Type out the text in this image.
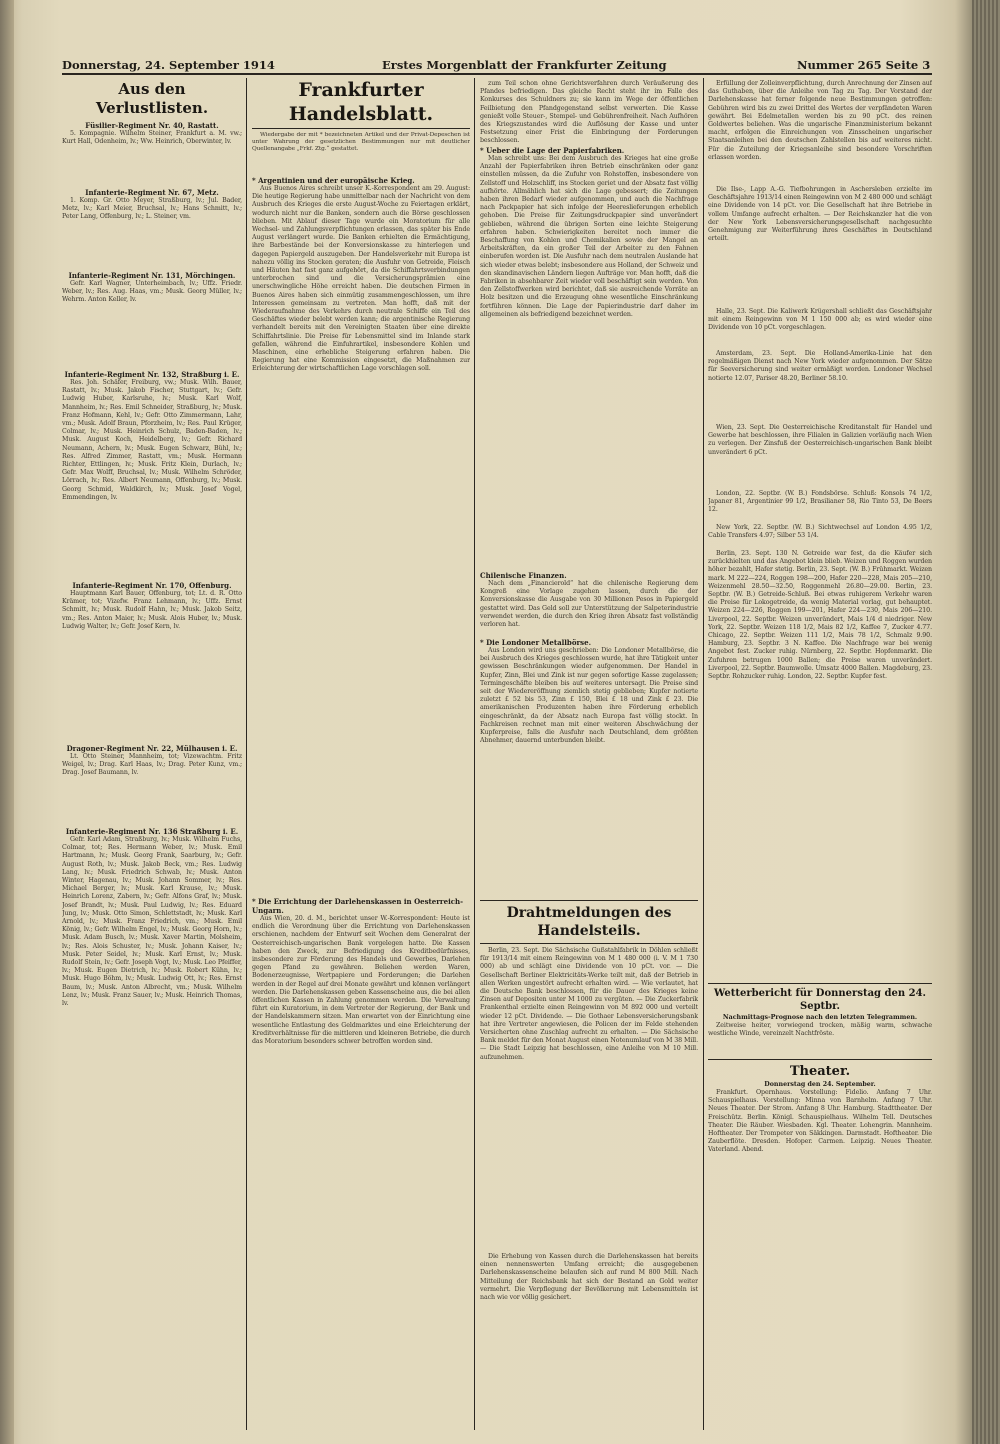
Donnerstag, 24. September 1914	Erstes Morgenblatt der Frankfurter Zeitung	Nummer 265 Seite 3
Aus den Verlustlisten.
Füsilier-Regiment Nr. 40, Rastatt.

5. Kompagnie. Wilhelm Steiner, Frankfurt a. M. vw.; Kurt Hall, Odenheim, lv.; Ww. Heinrich, Oberwinter, lv.

Infanterie-Regiment Nr. 67, Metz.

1. Komp. Gr. Otto Meyer, Straßburg, lv.; Jul. Bader, Metz, lv.; Karl Meier, Bruchsal, lv.; Hans Schmitt, lv.; Peter Lang, Offenburg, lv.; L. Steiner, vm.

Infanterie-Regiment Nr. 131, Mörchingen.

Gefr. Karl Wagner, Unterheimbach, lv.; Uffz. Friedr. Weber, lv.; Res. Aug. Haas, vm.; Musk. Georg Müller, lv.; Wehrm. Anton Keller, lv.

Infanterie-Regiment Nr. 132, Straßburg i. E.

Res. Joh. Schäfer, Freiburg, vw.; Musk. Wilh. Bauer, Rastatt, lv.; Musk. Jakob Fischer, Stuttgart, lv.; Gefr. Ludwig Huber, Karlsruhe, lv.; Musk. Karl Wolf, Mannheim, lv.; Res. Emil Schneider, Straßburg, lv.; Musk. Franz Hofmann, Kehl, lv.; Gefr. Otto Zimmermann, Lahr, vm.; Musk. Adolf Braun, Pforzheim, lv.; Res. Paul Krüger, Colmar, lv.; Musk. Heinrich Schulz, Baden-Baden, lv.; Musk. August Koch, Heidelberg, lv.; Gefr. Richard Neumann, Achern, lv.; Musk. Eugen Schwarz, Bühl, lv.; Res. Alfred Zimmer, Rastatt, vm.; Musk. Hermann Richter, Ettlingen, lv.; Musk. Fritz Klein, Durlach, lv.; Gefr. Max Wolff, Bruchsal, lv.; Musk. Wilhelm Schröder, Lörrach, lv.; Res. Albert Neumann, Offenburg, lv.; Musk. Georg Schmid, Waldkirch, lv.; Musk. Josef Vogel, Emmendingen, lv.

Infanterie-Regiment Nr. 170, Offenburg.

Hauptmann Karl Bauer, Offenburg, tot; Lt. d. R. Otto Krämer, tot; Vizefw. Franz Lehmann, lv.; Uffz. Ernst Schmitt, lv.; Musk. Rudolf Hahn, lv.; Musk. Jakob Seitz, vm.; Res. Anton Maier, lv.; Musk. Alois Huber, lv.; Musk. Ludwig Walter, lv.; Gefr. Josef Kern, lv.

Dragoner-Regiment Nr. 22, Mülhausen i. E.

Lt. Otto Steiner, Mannheim, tot; Vizewachtm. Fritz Weigel, lv.; Drag. Karl Haas, lv.; Drag. Peter Kunz, vm.; Drag. Josef Baumann, lv.

Infanterie-Regiment Nr. 136 Straßburg i. E.

Gefr. Karl Adam, Straßburg, lv.; Musk. Wilhelm Fuchs, Colmar, tot; Res. Hermann Weber, lv.; Musk. Emil Hartmann, lv.; Musk. Georg Frank, Saarburg, lv.; Gefr. August Roth, lv.; Musk. Jakob Beck, vm.; Res. Ludwig Lang, lv.; Musk. Friedrich Schwab, lv.; Musk. Anton Winter, Hagenau, lv.; Musk. Johann Sommer, lv.; Res. Michael Berger, lv.; Musk. Karl Krause, lv.; Musk. Heinrich Lorenz, Zabern, lv.; Gefr. Alfons Graf, lv.; Musk. Josef Brandt, lv.; Musk. Paul Ludwig, lv.; Res. Eduard Jung, lv.; Musk. Otto Simon, Schlettstadt, lv.; Musk. Karl Arnold, lv.; Musk. Franz Friedrich, vm.; Musk. Emil König, lv.; Gefr. Wilhelm Engel, lv.; Musk. Georg Horn, lv.; Musk. Adam Busch, lv.; Musk. Xaver Martin, Molsheim, lv.; Res. Alois Schuster, lv.; Musk. Johann Kaiser, lv.; Musk. Peter Seidel, lv.; Musk. Karl Ernst, lv.; Musk. Rudolf Stein, lv.; Gefr. Joseph Vogt, lv.; Musk. Leo Pfeiffer, lv.; Musk. Eugen Dietrich, lv.; Musk. Robert Kühn, lv.; Musk. Hugo Böhm, lv.; Musk. Ludwig Ott, lv.; Res. Ernst Baum, lv.; Musk. Anton Albrecht, vm.; Musk. Wilhelm Lenz, lv.; Musk. Franz Sauer, lv.; Musk. Heinrich Thomas, lv.

Frankfurter Handelsblatt.

Wiedergabe der mit * bezeichneten Artikel und der Privat-Depeschen ist unter Wahrung der gesetzlichen Bestimmungen nur mit deutlicher Quellenangabe „Frkf. Ztg.“ gestattet.

* Argentinien und der europäische Krieg.

Aus Buenos Aires schreibt unser K.-Korrespondent am 29. August: Die heutige Regierung habe unmittelbar nach der Nachricht von dem Ausbruch des Krieges die erste August-Woche zu Feiertagen erklärt, wodurch nicht nur die Banken, sondern auch die Börse geschlossen blieben. Mit Ablauf dieser Tage wurde ein Moratorium für alle Wechsel- und Zahlungsverpflichtungen erlassen, das später bis Ende August verlängert wurde. Die Banken erhielten die Ermächtigung, ihre Barbestände bei der Konversionskasse zu hinterlegen und dagegen Papiergeld auszugeben. Der Handelsverkehr mit Europa ist nahezu völlig ins Stocken geraten; die Ausfuhr von Getreide, Fleisch und Häuten hat fast ganz aufgehört, da die Schiffahrtsverbindungen unterbrochen sind und die Versicherungsprämien eine unerschwingliche Höhe erreicht haben. Die deutschen Firmen in Buenos Aires haben sich einmütig zusammengeschlossen, um ihre Interessen gemeinsam zu vertreten. Man hofft, daß mit der Wiederaufnahme des Verkehrs durch neutrale Schiffe ein Teil des Geschäftes wieder belebt werden kann; die argentinische Regierung verhandelt bereits mit den Vereinigten Staaten über eine direkte Schiffahrtslinie. Die Preise für Lebensmittel sind im Inlande stark gefallen, während die Einfuhrartikel, insbesondere Kohlen und Maschinen, eine erhebliche Steigerung erfahren haben. Die Regierung hat eine Kommission eingesetzt, die Maßnahmen zur Erleichterung der wirtschaftlichen Lage vorschlagen soll.

* Die Errichtung der Darlehenskassen in Oesterreich-Ungarn.

Aus Wien, 20. d. M., berichtet unser W.-Korrespondent: Heute ist endlich die Verordnung über die Errichtung von Darlehenskassen erschienen, nachdem der Entwurf seit Wochen dem Generalrat der Oesterreichisch-ungarischen Bank vorgelegen hatte. Die Kassen haben den Zweck, zur Befriedigung des Kreditbedürfnisses, insbesondere zur Förderung des Handels und Gewerbes, Darlehen gegen Pfand zu gewähren. Beliehen werden Waren, Bodenerzeugnisse, Wertpapiere und Forderungen; die Darlehen werden in der Regel auf drei Monate gewährt und können verlängert werden. Die Darlehenskassen geben Kassenscheine aus, die bei allen öffentlichen Kassen in Zahlung genommen werden. Die Verwaltung führt ein Kuratorium, in dem Vertreter der Regierung, der Bank und der Handelskammern sitzen. Man erwartet von der Einrichtung eine wesentliche Entlastung des Geldmarktes und eine Erleichterung der Kreditverhältnisse für die mittleren und kleineren Betriebe, die durch das Moratorium besonders schwer betroffen worden sind.

zum Teil schon ohne Gerichtsverfahren durch Veräußerung des Pfandes befriedigen. Das gleiche Recht steht ihr im Falle des Konkurses des Schuldners zu; sie kann im Wege der öffentlichen Feilbietung den Pfandgegenstand selbst verwerten. Die Kasse genießt volle Steuer-, Stempel- und Gebührenfreiheit. Nach Aufhören des Kriegszustandes wird die Auflösung der Kasse und unter Festsetzung einer Frist die Einbringung der Forderungen beschlossen.

* Ueber die Lage der Papierfabriken.

Man schreibt uns: Bei dem Ausbruch des Krieges hat eine große Anzahl der Papierfabriken ihren Betrieb einschränken oder ganz einstellen müssen, da die Zufuhr von Rohstoffen, insbesondere von Zellstoff und Holzschliff, ins Stocken geriet und der Absatz fast völlig aufhörte. Allmählich hat sich die Lage gebessert; die Zeitungen haben ihren Bedarf wieder aufgenommen, und auch die Nachfrage nach Packpapier hat sich infolge der Heereslieferungen erheblich gehoben. Die Preise für Zeitungsdruckpapier sind unverändert geblieben, während die übrigen Sorten eine leichte Steigerung erfahren haben. Schwierigkeiten bereitet noch immer die Beschaffung von Kohlen und Chemikalien sowie der Mangel an Arbeitskräften, da ein großer Teil der Arbeiter zu den Fahnen einberufen worden ist. Die Ausfuhr nach dem neutralen Auslande hat sich wieder etwas belebt; insbesondere aus Holland, der Schweiz und den skandinavischen Ländern liegen Aufträge vor. Man hofft, daß die Fabriken in absehbarer Zeit wieder voll beschäftigt sein werden. Von den Zellstoffwerken wird berichtet, daß sie ausreichende Vorräte an Holz besitzen und die Erzeugung ohne wesentliche Einschränkung fortführen können. Die Lage der Papierindustrie darf daher im allgemeinen als befriedigend bezeichnet werden.

Chilenische Finanzen.

Nach dem „Financierold“ hat die chilenische Regierung dem Kongreß eine Vorlage zugehen lassen, durch die der Konversionskasse die Ausgabe von 30 Millionen Pesos in Papiergeld gestattet wird. Das Geld soll zur Unterstützung der Salpeterindustrie verwendet werden, die durch den Krieg ihren Absatz fast vollständig verloren hat.

* Die Londoner Metallbörse.

Aus London wird uns geschrieben: Die Londoner Metallbörse, die bei Ausbruch des Krieges geschlossen wurde, hat ihre Tätigkeit unter gewissen Beschränkungen wieder aufgenommen. Der Handel in Kupfer, Zinn, Blei und Zink ist nur gegen sofortige Kasse zugelassen; Termingeschäfte bleiben bis auf weiteres untersagt. Die Preise sind seit der Wiedereröffnung ziemlich stetig geblieben; Kupfer notierte zuletzt £ 52 bis 53, Zinn £ 150, Blei £ 18 und Zink £ 23. Die amerikanischen Produzenten haben ihre Förderung erheblich eingeschränkt, da der Absatz nach Europa fast völlig stockt. In Fachkreisen rechnet man mit einer weiteren Abschwächung der Kupferpreise, falls die Ausfuhr nach Deutschland, dem größten Abnehmer, dauernd unterbunden bleibt.

Drahtmeldungen des Handelsteils.

Berlin, 23. Sept. Die Sächsische Gußstahlfabrik in Döhlen schließt für 1913/14 mit einem Reingewinn von M 1 480 000 (i. V. M 1 730 000) ab und schlägt eine Dividende von 10 pCt. vor. — Die Gesellschaft Berliner Elektricitäts-Werke teilt mit, daß der Betrieb in allen Werken ungestört aufrecht erhalten wird. — Wie verlautet, hat die Deutsche Bank beschlossen, für die Dauer des Krieges keine Zinsen auf Depositen unter M 1000 zu vergüten. — Die Zuckerfabrik Frankenthal erzielte einen Reingewinn von M 892 000 und verteilt wieder 12 pCt. Dividende. — Die Gothaer Lebensversicherungsbank hat ihre Vertreter angewiesen, die Policen der im Felde stehenden Versicherten ohne Zuschlag aufrecht zu erhalten. — Die Sächsische Bank meldet für den Monat August einen Notenumlauf von M 38 Mill. — Die Stadt Leipzig hat beschlossen, eine Anleihe von M 10 Mill. aufzunehmen.

Die Erhebung von Kassen durch die Darlehenskassen hat bereits einen nennenswerten Umfang erreicht; die ausgegebenen Darlehenskassenscheine belaufen sich auf rund M 800 Mill. Nach Mitteilung der Reichsbank hat sich der Bestand an Gold weiter vermehrt. Die Verpflegung der Bevölkerung mit Lebensmitteln ist nach wie vor völlig gesichert.

Erfüllung der Zolleinverpflichtung, durch Anrechnung der Zinsen auf das Guthaben, über die Anleihe von Tag zu Tag. Der Vorstand der Darlehenskasse hat ferner folgende neue Bestimmungen getroffen: Gebühren wird bis zu zwei Drittel des Wertes der verpfändeten Waren gewährt. Bei Edelmetallen werden bis zu 90 pCt. des reinen Goldwertes beliehen. Was die ungarische Finanzministerium bekannt macht, erfolgen die Einreichungen von Zinsscheinen ungarischer Staatsanleihen bei den deutschen Zahlstellen bis auf weiteres nicht. Für die Zuteilung der Kriegsanleihe sind besondere Vorschriften erlassen worden.

Die Ilse-, Lapp A.-G. Tiefbohrungen in Aschersleben erzielte im Geschäftsjahre 1913/14 einen Reingewinn von M 2 480 000 und schlägt eine Dividende von 14 pCt. vor. Die Gesellschaft hat ihre Betriebe in vollem Umfange aufrecht erhalten. — Der Reichskanzler hat die von der New York Lebensversicherungsgesellschaft nachgesuchte Genehmigung zur Weiterführung ihres Geschäftes in Deutschland erteilt.

Halle, 23. Sept. Die Kaliwerk Krügershall schließt das Geschäftsjahr mit einem Reingewinn von M 1 150 000 ab; es wird wieder eine Dividende von 10 pCt. vorgeschlagen.

Amsterdam, 23. Sept. Die Holland-Amerika-Linie hat den regelmäßigen Dienst nach New York wieder aufgenommen. Der Sätze für Seeversicherung sind weiter ermäßigt worden. Londoner Wechsel notierte 12.07, Pariser 48.20, Berliner 58.10.

Wien, 23. Sept. Die Oesterreichische Kreditanstalt für Handel und Gewerbe hat beschlossen, ihre Filialen in Galizien vorläufig nach Wien zu verlegen. Der Zinsfuß der Oesterreichisch-ungarischen Bank bleibt unverändert 6 pCt.

London, 22. Septbr. (W. B.) Fondsbörse. Schluß: Konsols 74 1/2, Japaner 81, Argentinier 99 1/2, Brasilianer 58, Rio Tinto 53, De Beers 12.

New York, 22. Septbr. (W. B.) Sichtwechsel auf London 4.95 1/2, Cable Transfers 4.97; Silber 53 1/4.

Berlin, 23. Sept. 130 N. Getreide war fest, da die Käufer sich zurückhielten und das Angebot klein blieb. Weizen und Roggen wurden höher bezahlt, Hafer stetig. Berlin, 23. Sept. (W. B.) Frühmarkt. Weizen mark. M 222—224, Roggen 198—200, Hafer 220—228, Mais 205—210, Weizenmehl 28.50—32.50, Roggenmehl 26.80—29.00. Berlin, 23. Septbr. (W. B.) Getreide-Schluß. Bei etwas ruhigerem Verkehr waren die Preise für Lokogetreide, da wenig Material vorlag, gut behauptet. Weizen 224—226, Roggen 199—201, Hafer 224—230, Mais 206—210. Liverpool, 22. Septbr. Weizen unverändert, Mais 1/4 d niedriger. New York, 22. Septbr. Weizen 118 1/2, Mais 82 1/2, Kaffee 7, Zucker 4.77. Chicago, 22. Septbr. Weizen 111 1/2, Mais 78 1/2, Schmalz 9.90. Hamburg, 23. Septbr. 3 N. Kaffee. Die Nachfrage war bei wenig Angebot fest. Zucker ruhig. Nürnberg, 22. Septbr. Hopfenmarkt. Die Zufuhren betrugen 1000 Ballen; die Preise waren unverändert. Liverpool, 22. Septbr. Baumwolle. Umsatz 4000 Ballen. Magdeburg, 23. Septbr. Rohzucker ruhig. London, 22. Septbr. Kupfer fest.

Wetterbericht für Donnerstag den 24. Septbr.
Nachmittags-Prognose nach den letzten Telegrammen.

Zeitweise heiter, vorwiegend trocken, mäßig warm, schwache westliche Winde, vereinzelt Nachtfröste.

Theater.
Donnerstag den 24. September.

Frankfurt. Opernhaus. Vorstellung: Fidelio. Anfang 7 Uhr. Schauspielhaus. Vorstellung: Minna von Barnhelm. Anfang 7 Uhr. Neues Theater. Der Strom. Anfang 8 Uhr. Hamburg. Stadttheater. Der Freischütz. Berlin. Königl. Schauspielhaus. Wilhelm Tell. Deutsches Theater. Die Räuber. Wiesbaden. Kgl. Theater. Lohengrin. Mannheim. Hoftheater. Der Trompeter von Säkkingen. Darmstadt. Hoftheater. Die Zauberflöte. Dresden. Hofoper. Carmen. Leipzig. Neues Theater. Vaterland. Abend.
